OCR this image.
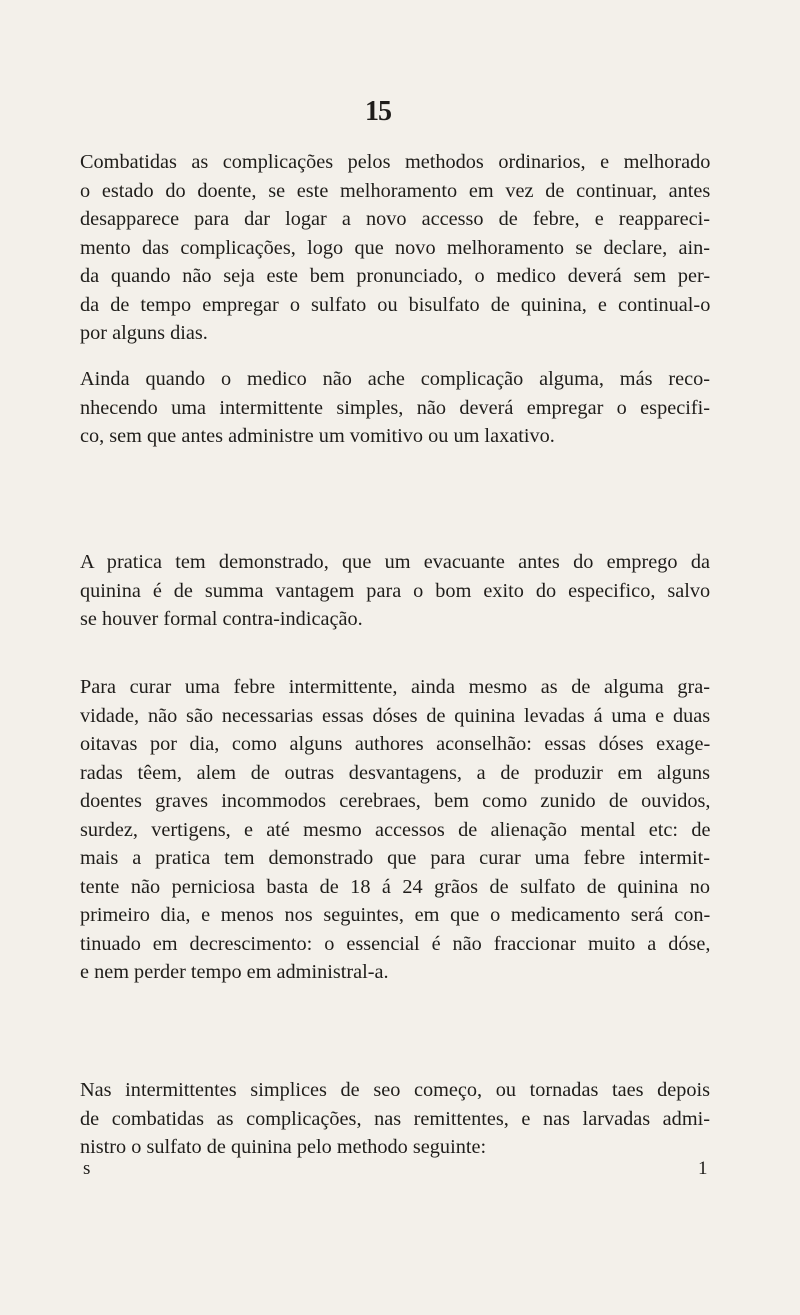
15
Combatidas as complicações pelos methodos ordinarios, e melhorado
o estado do doente, se este melhoramento em vez de continuar, antes
desapparece para dar logar a novo accesso de febre, e reappareci-
mento das complicações, logo que novo melhoramento se declare, ain-
da quando não seja este bem pronunciado, o medico deverá sem per-
da de tempo empregar o sulfato ou bisulfato de quinina, e continual-o
por alguns dias.
Ainda quando o medico não ache complicação alguma, más reco-
nhecendo uma intermittente simples, não deverá empregar o especifi-
co, sem que antes administre um vomitivo ou um laxativo.
A pratica tem demonstrado, que um evacuante antes do emprego da
quinina é de summa vantagem para o bom exito do especifico, salvo
se houver formal contra-indicação.
Para curar uma febre intermittente, ainda mesmo as de alguma gra-
vidade, não são necessarias essas dóses de quinina levadas á uma e duas
oitavas por dia, como alguns authores aconselhão: essas dóses exage-
radas têem, alem de outras desvantagens, a de produzir em alguns
doentes graves incommodos cerebraes, bem como zunido de ouvidos,
surdez, vertigens, e até mesmo accessos de alienação mental etc: de
mais a pratica tem demonstrado que para curar uma febre intermit-
tente não perniciosa basta de 18 á 24 grãos de sulfato de quinina no
primeiro dia, e menos nos seguintes, em que o medicamento será con-
tinuado em decrescimento: o essencial é não fraccionar muito a dóse,
e nem perder tempo em administral-a.
Nas intermittentes simplices de seo começo, ou tornadas taes depois
de combatidas as complicações, nas remittentes, e nas larvadas admi-
nistro o sulfato de quinina pelo methodo seguinte:
s	1
